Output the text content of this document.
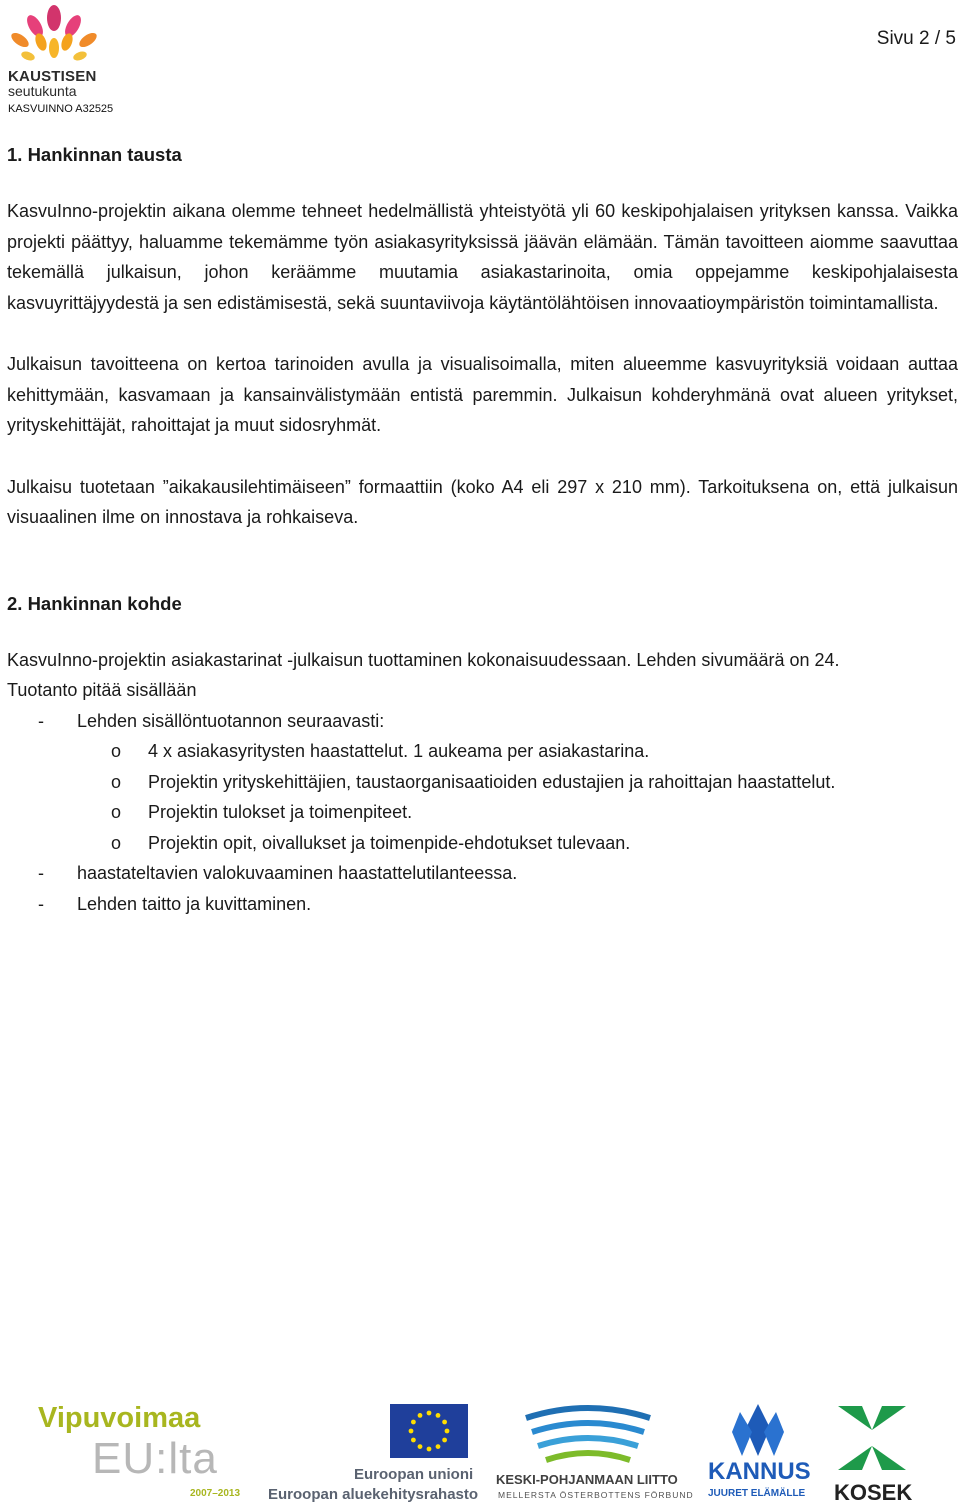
KAUSTISEN
seutukunta
KASVUINNO A32525
Sivu 2 / 5
1. Hankinnan tausta

KasvuInno-projektin aikana olemme tehneet hedelmällistä yhteistyötä yli 60 keskipohjalaisen yrityksen kanssa. Vaikka projekti päättyy, haluamme tekemämme työn asiakasyrityksissä jäävän elämään. Tämän tavoitteen aiomme saavuttaa tekemällä julkaisun, johon keräämme muutamia asiakastarinoita, omia oppejamme keskipohjalaisesta kasvuyrittäjyydestä ja sen edistämisestä, sekä suuntaviivoja käytäntölähtöisen innovaatioympäristön toimintamallista.

Julkaisun tavoitteena on kertoa tarinoiden avulla ja visualisoimalla, miten alueemme kasvuyrityksiä voidaan auttaa kehittymään, kasvamaan ja kansainvälistymään entistä paremmin. Julkaisun kohderyhmänä ovat alueen yritykset, yrityskehittäjät, rahoittajat ja muut sidosryhmät.

Julkaisu tuotetaan ”aikakausilehtimäiseen” formaattiin (koko A4 eli 297 x 210 mm). Tarkoituksena on, että julkaisun visuaalinen ilme on innostava ja rohkaiseva.

2. Hankinnan kohde

KasvuInno-projektin asiakastarinat -julkaisun tuottaminen kokonaisuudessaan. Lehden sivumäärä on 24.

Tuotanto pitää sisällään

- Lehden sisällöntuotannon seuraavasti:
o 4 x asiakasyritysten haastattelut. 1 aukeama per asiakastarina.
o Projektin yrityskehittäjien, taustaorganisaatioiden edustajien ja rahoittajan haastattelut.
o Projektin tulokset ja toimenpiteet.
o Projektin opit, oivallukset ja toimenpide-ehdotukset tulevaan.
- haastateltavien valokuvaaminen haastattelutilanteessa.
- Lehden taitto ja kuvittaminen.
Vipuvoimaa
EU:lta
2007–2013
Euroopan unioni
Euroopan aluekehitysrahasto
KESKI-POHJANMAAN LIITTO
MELLERSTA ÖSTERBOTTENS FÖRBUND
KANNUS
JUURET ELÄMÄLLE KOSEK
